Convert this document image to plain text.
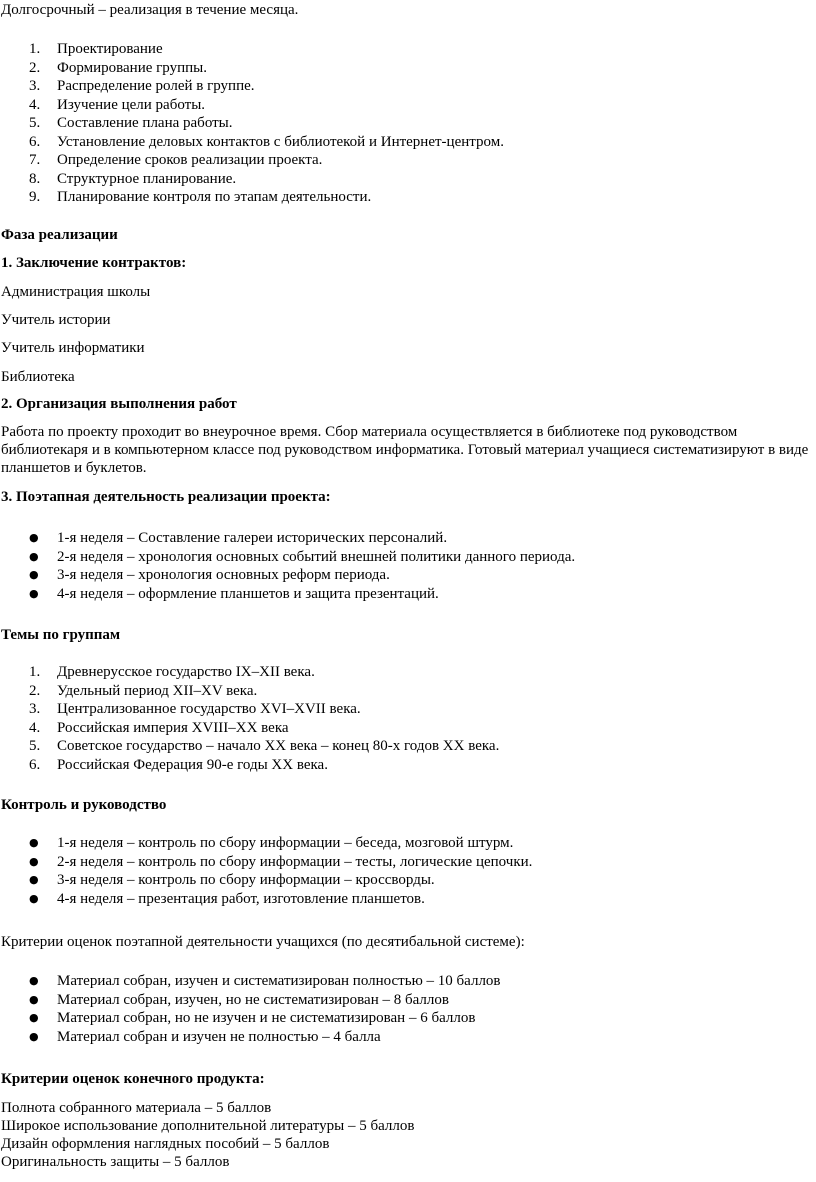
Долгосрочный – реализация в течение месяца.

1. Проектирование
2. Формирование группы.
3. Распределение ролей в группе.
4. Изучение цели работы.
5. Составление плана работы.
6. Установление деловых контактов с библиотекой и Интернет-центром.
7. Определение сроков реализации проекта.
8. Структурное планирование.
9. Планирование контроля по этапам деятельности.

Фаза реализации

1. Заключение контрактов:

Администрация школы

Учитель истории

Учитель информатики

Библиотека

2. Организация выполнения работ

Работа по проекту проходит во внеурочное время. Сбор материала осуществляется в библиотеке под руководством библиотекаря и в компьютерном классе под руководством информатика. Готовый материал учащиеся систематизируют в виде планшетов и буклетов.

3. Поэтапная деятельность реализации проекта:

● 1-я неделя – Составление галереи исторических персоналий.
● 2-я неделя – хронология основных событий внешней политики данного периода.
● 3-я неделя – хронология основных реформ периода.
● 4-я неделя – оформление планшетов и защита презентаций.

Темы по группам

1. Древнерусское государство IX–XII века.
2. Удельный период XII–XV века.
3. Централизованное государство XVI–XVII века.
4. Российская империя XVIII–XX века
5. Советское государство – начало XX века – конец 80-х годов XX века.
6. Российская Федерация 90-е годы XX века.

Контроль и руководство

● 1-я неделя – контроль по сбору информации – беседа, мозговой штурм.
● 2-я неделя – контроль по сбору информации – тесты, логические цепочки.
● 3-я неделя – контроль по сбору информации – кроссворды.
● 4-я неделя – презентация работ, изготовление планшетов.

Критерии оценок поэтапной деятельности учащихся (по десятибальной системе):

● Материал собран, изучен и систематизирован полностью – 10 баллов
● Материал собран, изучен, но не систематизирован – 8 баллов
● Материал собран, но не изучен и не систематизирован – 6 баллов
● Материал собран и изучен не полностью – 4 балла

Критерии оценок конечного продукта:

Полнота собранного материала – 5 баллов

Широкое использование дополнительной литературы – 5 баллов

Дизайн оформления наглядных пособий – 5 баллов

Оригинальность защиты – 5 баллов
